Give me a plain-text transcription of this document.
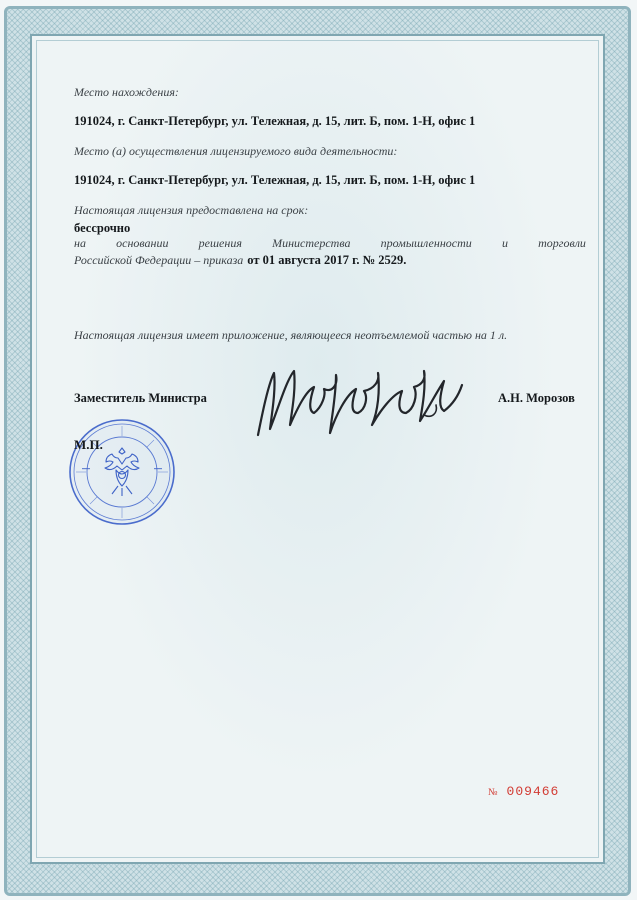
Место нахождения:
191024, г. Санкт-Петербург, ул. Тележная, д. 15, лит. Б, пом. 1-Н, офис 1
Место (а) осуществления лицензируемого вида деятельности:
191024, г. Санкт-Петербург, ул. Тележная, д. 15, лит. Б, пом. 1-Н, офис 1
Настоящая лицензия предоставлена на срок:
бессрочно
на	основании	решения	Министерства	промышленности	и	торговли
Российской Федерации – приказа от 01 августа 2017 г. № 2529.
Настоящая лицензия имеет приложение, являющееся неотъемлемой частью на 1 л.
Заместитель Министра	А.Н. Морозов
М.П.
№ 009466
